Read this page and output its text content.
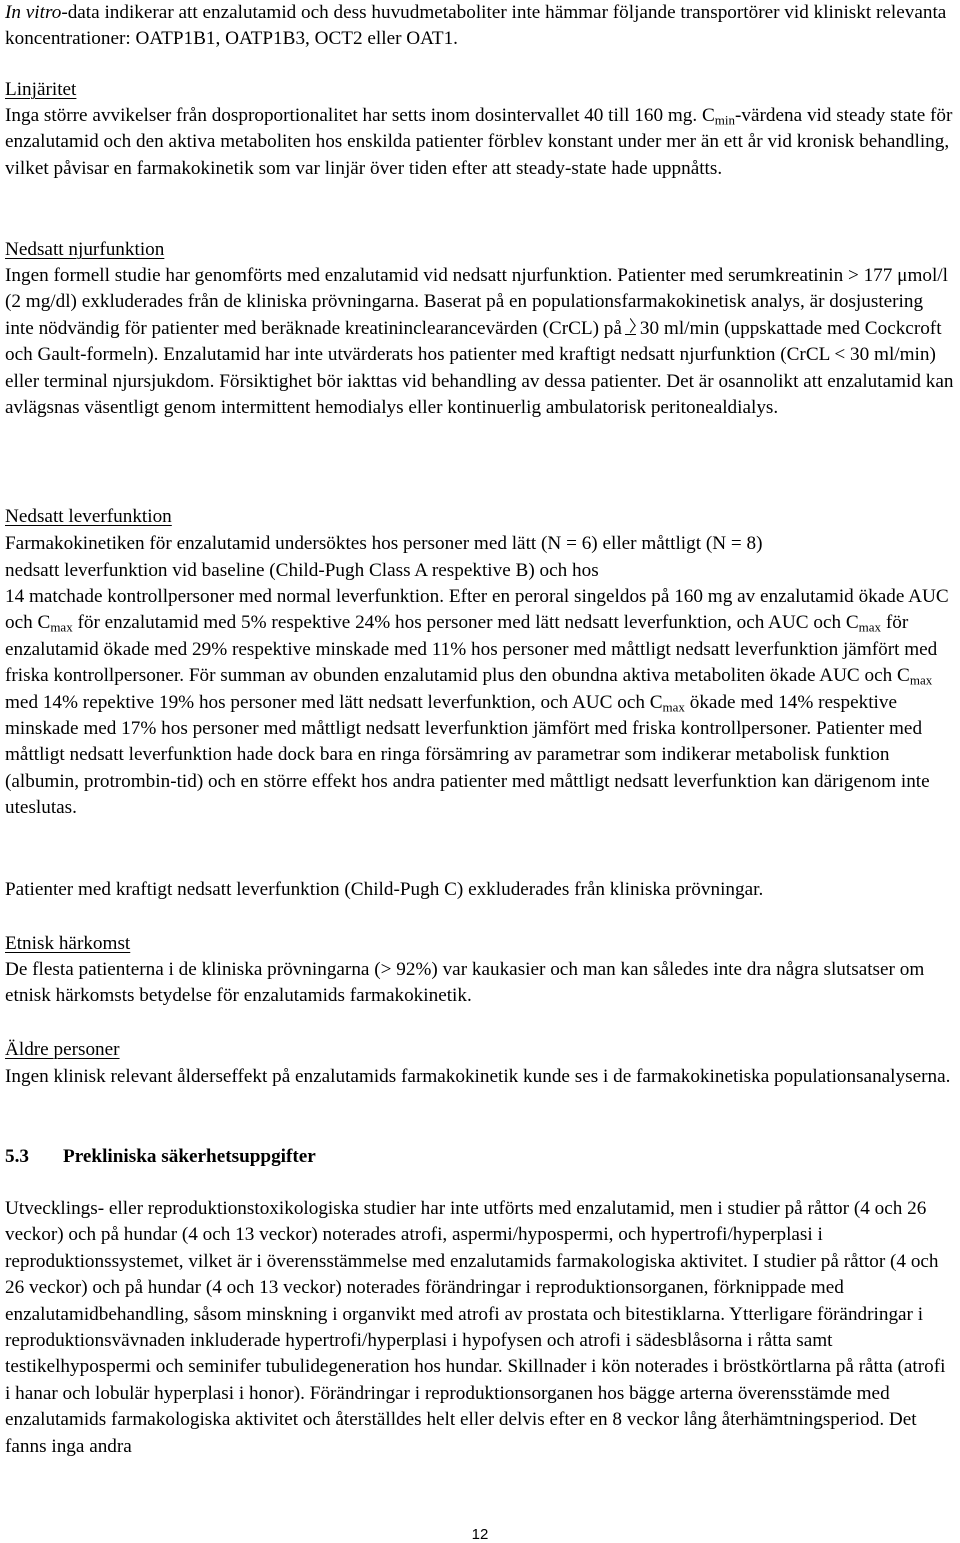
In vitro-data indikerar att enzalutamid och dess huvudmetaboliter inte hämmar följande transportörer vid kliniskt relevanta koncentrationer: OATP1B1, OATP1B3, OCT2 eller OAT1.

Linjäritet

Inga större avvikelser från dosproportionalitet har setts inom dosintervallet 40 till 160 mg. $C_{min}$-värdena vid steady state för enzalutamid och den aktiva metaboliten hos enskilda patienter förblev konstant under mer än ett år vid kronisk behandling, vilket påvisar en farmakokinetik som var linjär över tiden efter att steady-state hade uppnåtts.

Nedsatt njurfunktion

Ingen formell studie har genomförts med enzalutamid vid nedsatt njurfunktion. Patienter med serumkreatinin > 177 μmol/l (2 mg/dl) exkluderades från de kliniska prövningarna. Baserat på en populationsfarmakokinetisk analys, är dosjustering inte nödvändig för patienter med beräknade kreatininclearancevärden (CrCL) på 30 ml/min (uppskattade med Cockcroft och Gault-formeln). Enzalutamid har inte utvärderats hos patienter med kraftigt nedsatt njurfunktion (CrCL < 30 ml/min) eller terminal njursjukdom. Försiktighet bör iakttas vid behandling av dessa patienter. Det är osannolikt att enzalutamid kan avlägsnas väsentligt genom intermittent hemodialys eller kontinuerlig ambulatorisk peritonealdialys.

Nedsatt leverfunktion
Farmakokinetiken för enzalutamid undersöktes hos personer med lätt (N = 6) eller måttligt (N = 8)
nedsatt leverfunktion vid baseline (Child-Pugh Class A respektive B) och hos

14 matchade kontrollpersoner med normal leverfunktion. Efter en peroral singeldos på 160 mg av enzalutamid ökade AUC och $C_{max}$ för enzalutamid med 5% respektive 24% hos personer med lätt nedsatt leverfunktion, och AUC och $C_{max}$ för enzalutamid ökade med 29% respektive minskade med 11% hos personer med måttligt nedsatt leverfunktion jämfört med friska kontrollpersoner. För summan av obunden enzalutamid plus den obundna aktiva metaboliten ökade AUC och $C_{max}$ med 14% repektive 19% hos personer med lätt nedsatt leverfunktion, och AUC och $C_{max}$ ökade med 14% respektive minskade med 17% hos personer med måttligt nedsatt leverfunktion jämfört med friska kontrollpersoner. Patienter med måttligt nedsatt leverfunktion hade dock bara en ringa försämring av parametrar som indikerar metabolisk funktion (albumin, protrombin-tid) och en större effekt hos andra patienter med måttligt nedsatt leverfunktion kan därigenom inte uteslutas.

Patienter med kraftigt nedsatt leverfunktion (Child-Pugh C) exkluderades från kliniska prövningar.

Etnisk härkomst

De flesta patienterna i de kliniska prövningarna (> 92%) var kaukasier och man kan således inte dra några slutsatser om etnisk härkomsts betydelse för enzalutamids farmakokinetik.

Äldre personer

Ingen klinisk relevant ålderseffekt på enzalutamids farmakokinetik kunde ses i de farmakokinetiska populationsanalyserna.

5.3 Prekliniska säkerhetsuppgifter

Utvecklings- eller reproduktionstoxikologiska studier har inte utförts med enzalutamid, men i studier på råttor (4 och 26 veckor) och på hundar (4 och 13 veckor) noterades atrofi, aspermi/hypospermi, och hypertrofi/hyperplasi i reproduktionssystemet, vilket är i överensstämmelse med enzalutamids farmakologiska aktivitet. I studier på råttor (4 och 26 veckor) och på hundar (4 och 13 veckor) noterades förändringar i reproduktionsorganen, förknippade med enzalutamidbehandling, såsom minskning i organvikt med atrofi av prostata och bitestiklarna. Ytterligare förändringar i reproduktionsvävnaden inkluderade hypertrofi/hyperplasi i hypofysen och atrofi i sädesblåsorna i råtta samt testikelhypospermi och seminifer tubulidegeneration hos hundar. Skillnader i kön noterades i bröstkörtlarna på råtta (atrofi i hanar och lobulär hyperplasi i honor). Förändringar i reproduktionsorganen hos bägge arterna överensstämde med enzalutamids farmakologiska aktivitet och återställdes helt eller delvis efter en 8 veckor lång återhämtningsperiod. Det fanns inga andra

12
